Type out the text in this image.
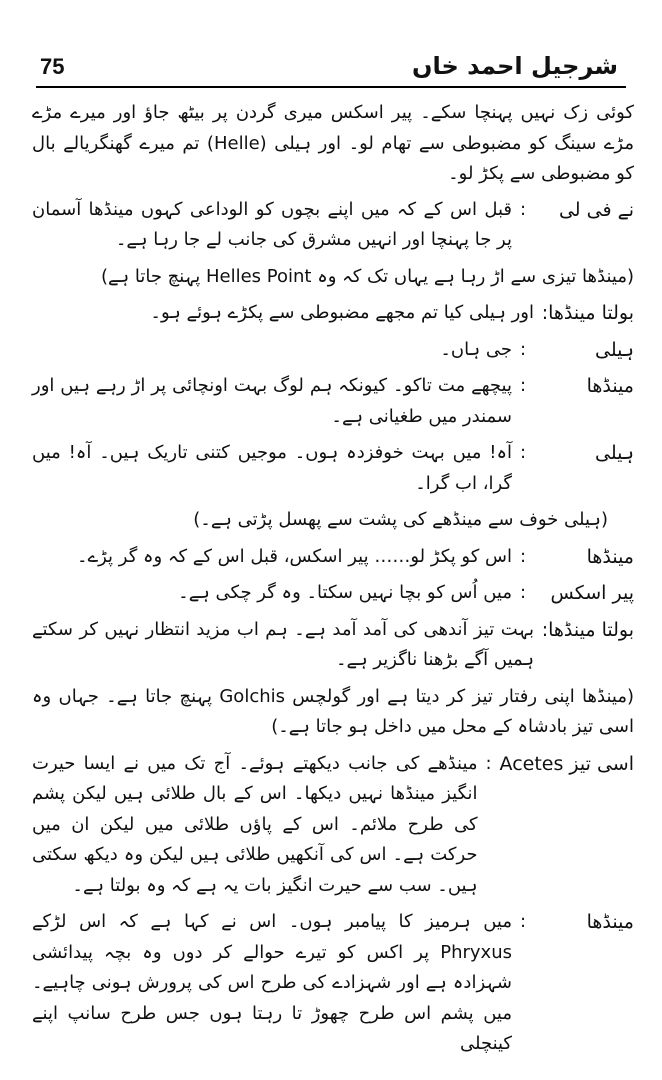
75	شرجیل احمد خاں

کوئی زک نہیں پہنچا سکے۔ پیر اسکس میری گردن پر بیٹھ جاؤ اور میرے مڑے مڑے سینگ کو مضبوطی سے تھام لو۔ اور ہیلی (Helle) تم میرے گھنگریالے بال کو مضبوطی سے پکڑ لو۔

نے فی لی
:
قبل اس کے کہ میں اپنے بچوں کو الوداعی کہوں مینڈھا آسمان پر جا پہنچا اور انہیں مشرق کی جانب لے جا رہا ہے۔

(مینڈھا تیزی سے اڑ رہا ہے یہاں تک کہ وہ Helles Point پہنچ جاتا ہے)

بولتا مینڈھا:
اور ہیلی کیا تم مجھے مضبوطی سے پکڑے ہوئے ہو۔
ہیلی
:
جی ہاں۔
مینڈھا
:
پیچھے مت تاکو۔ کیونکہ ہم لوگ بہت اونچائی پر اڑ رہے ہیں اور سمندر میں طغیانی ہے۔
ہیلی
:
آہ! میں بہت خوفزدہ ہوں۔ موجیں کتنی تاریک ہیں۔ آہ! میں گرا، اب گرا۔

(ہیلی خوف سے مینڈھے کی پشت سے پھسل پڑتی ہے۔)

مینڈھا
:
اس کو پکڑ لو…… پیر اسکس، قبل اس کے کہ وہ گر پڑے۔
پیر اسکس
:
میں اُس کو بچا نہیں سکتا۔ وہ گر چکی ہے۔
بولتا مینڈھا:
بہت تیز آندھی کی آمد آمد ہے۔ ہم اب مزید انتظار نہیں کر سکتے ہمیں آگے بڑھنا ناگزیر ہے۔

(مینڈھا اپنی رفتار تیز کر دیتا ہے اور گولچس Golchis پہنچ جاتا ہے۔ جہاں وہ اسی تیز بادشاہ کے محل میں داخل ہو جاتا ہے۔)

اسی تیز Acetes
:
مینڈھے کی جانب دیکھتے ہوئے۔ آج تک میں نے ایسا حیرت انگیز مینڈھا نہیں دیکھا۔ اس کے بال طلائی ہیں لیکن پشم کی طرح ملائم۔ اس کے پاؤں طلائی میں لیکن ان میں حرکت ہے۔ اس کی آنکھیں طلائی ہیں لیکن وہ دیکھ سکتی ہیں۔ سب سے حیرت انگیز بات یہ ہے کہ وہ بولتا ہے۔
مینڈھا
:
میں ہرمیز کا پیامبر ہوں۔ اس نے کہا ہے کہ اس لڑکے Phryxus پر اکس کو تیرے حوالے کر دوں وہ بچہ پیدائشی شہزادہ ہے اور شہزادے کی طرح اس کی پرورش ہونی چاہیے۔ میں پشم اس طرح چھوڑ تا رہتا ہوں جس طرح سانپ اپنے کینچلی
